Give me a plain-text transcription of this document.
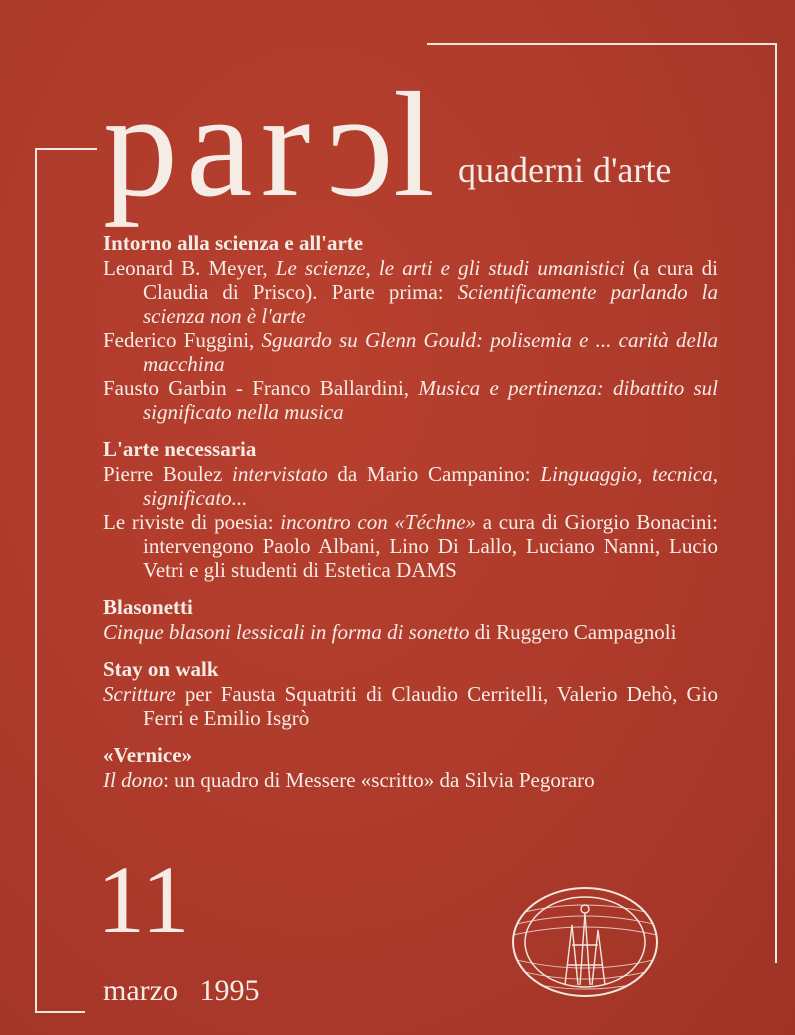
parcl quaderni d'arte
Intorno alla scienza e all'arte
Leonard B. Meyer, Le scienze, le arti e gli studi umanistici (a cura di Claudia di Prisco). Parte prima: Scientificamente parlando la scienza non è l'arte
Federico Fuggini, Sguardo su Glenn Gould: polisemia e ... carità della macchina
Fausto Garbin - Franco Ballardini, Musica e pertinenza: dibattito sul significato nella musica
L'arte necessaria
Pierre Boulez intervistato da Mario Campanino: Linguaggio, tecnica, significato...
Le riviste di poesia: incontro con «Téchne» a cura di Giorgio Bonacini: intervengono Paolo Albani, Lino Di Lallo, Luciano Nanni, Lucio Vetri e gli studenti di Estetica DAMS
Blasonetti
Cinque blasoni lessicali in forma di sonetto di Ruggero Campagnoli
Stay on walk
Scritture per Fausta Squatriti di Claudio Cerritelli, Valerio Dehò, Gio Ferri e Emilio Isgrò
«Vernice»
Il dono: un quadro di Messere «scritto» da Silvia Pegoraro
11
marzo 1995
